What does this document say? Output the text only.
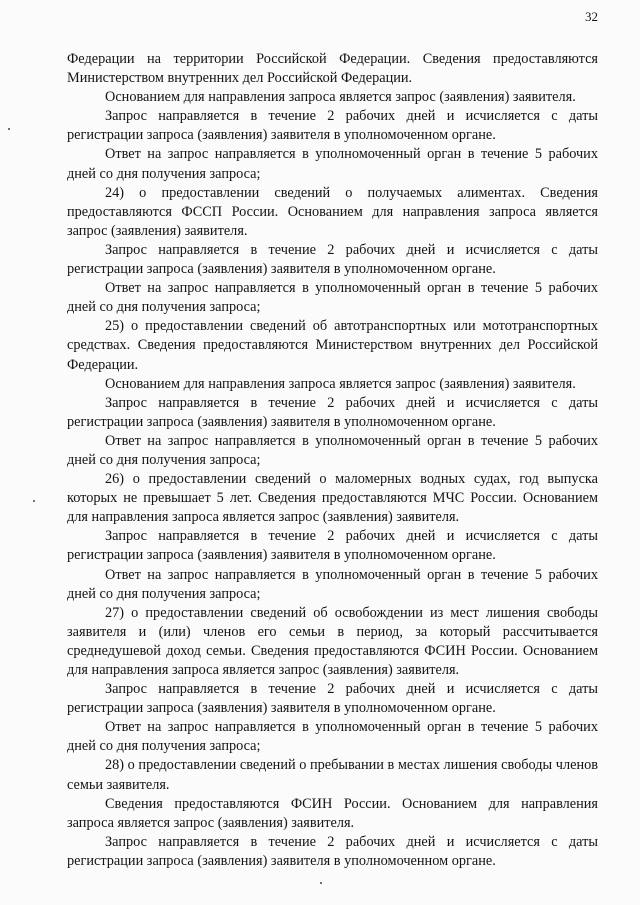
32

Федерации на территории Российской Федерации. Сведения предоставляются Министерством внутренних дел Российской Федерации.

Основанием для направления запроса является запрос (заявления) заявителя.

Запрос направляется в течение 2 рабочих дней и исчисляется с даты регистрации запроса (заявления) заявителя в уполномоченном органе.

Ответ на запрос направляется в уполномоченный орган в течение 5 рабочих дней со дня получения запроса;

24) о предоставлении сведений о получаемых алиментах. Сведения предоставляются ФССП России. Основанием для направления запроса является запрос (заявления) заявителя.

Запрос направляется в течение 2 рабочих дней и исчисляется с даты регистрации запроса (заявления) заявителя в уполномоченном органе.

Ответ на запрос направляется в уполномоченный орган в течение 5 рабочих дней со дня получения запроса;

25) о предоставлении сведений об автотранспортных или мототранспортных средствах. Сведения предоставляются Министерством внутренних дел Российской Федерации.

Основанием для направления запроса является запрос (заявления) заявителя.

Запрос направляется в течение 2 рабочих дней и исчисляется с даты регистрации запроса (заявления) заявителя в уполномоченном органе.

Ответ на запрос направляется в уполномоченный орган в течение 5 рабочих дней со дня получения запроса;

26) о предоставлении сведений о маломерных водных судах, год выпуска которых не превышает 5 лет. Сведения предоставляются МЧС России. Основанием для направления запроса является запрос (заявления) заявителя.

Запрос направляется в течение 2 рабочих дней и исчисляется с даты регистрации запроса (заявления) заявителя в уполномоченном органе.

Ответ на запрос направляется в уполномоченный орган в течение 5 рабочих дней со дня получения запроса;

27) о предоставлении сведений об освобождении из мест лишения свободы заявителя и (или) членов его семьи в период, за который рассчитывается среднедушевой доход семьи. Сведения предоставляются ФСИН России. Основанием для направления запроса является запрос (заявления) заявителя.

Запрос направляется в течение 2 рабочих дней и исчисляется с даты регистрации запроса (заявления) заявителя в уполномоченном органе.

Ответ на запрос направляется в уполномоченный орган в течение 5 рабочих дней со дня получения запроса;

28) о предоставлении сведений о пребывании в местах лишения свободы членов семьи заявителя.

Сведения предоставляются ФСИН России. Основанием для направления запроса является запрос (заявления) заявителя.

Запрос направляется в течение 2 рабочих дней и исчисляется с даты регистрации запроса (заявления) заявителя в уполномоченном органе.
